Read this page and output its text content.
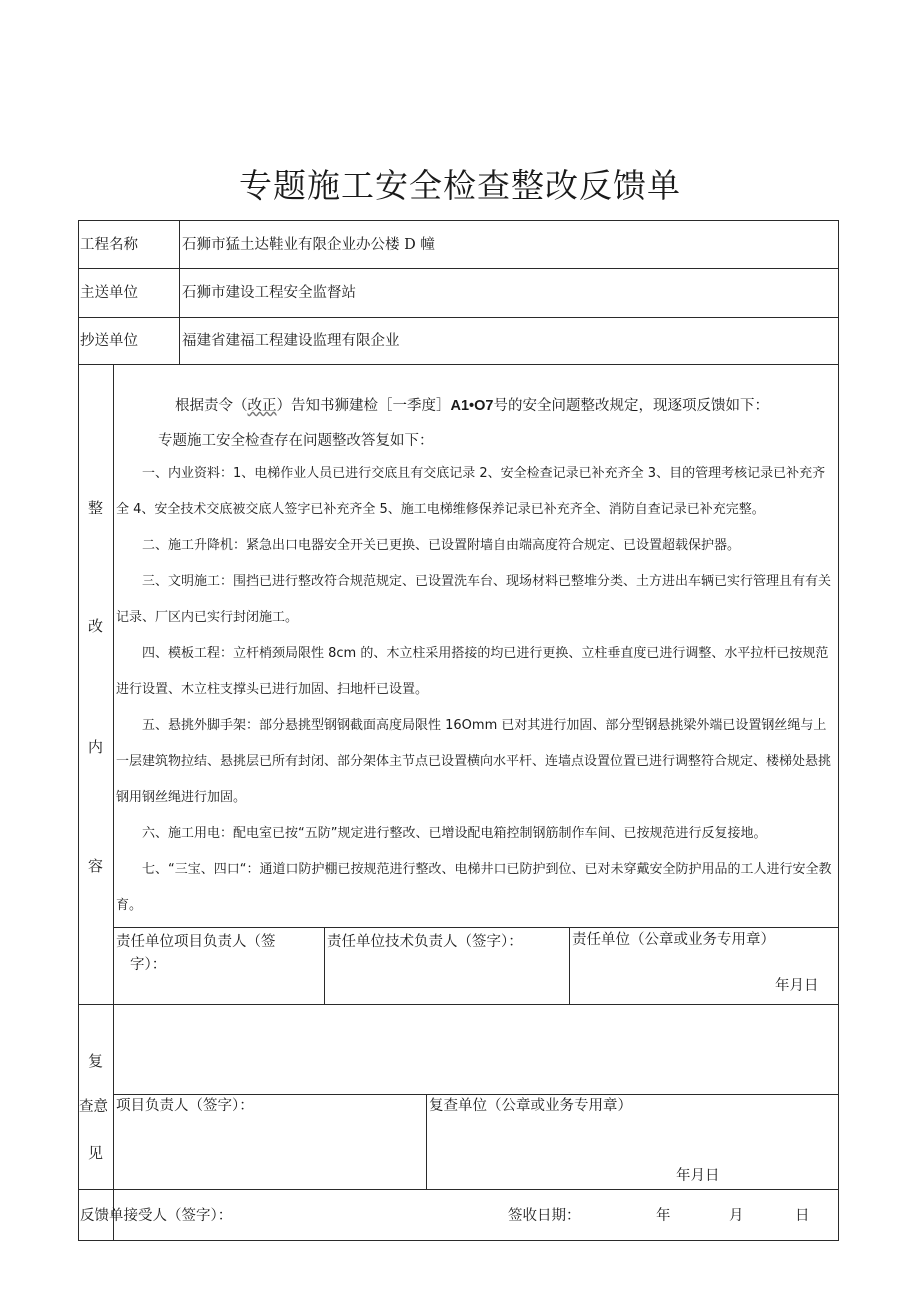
专题施工安全检查整改反馈单
工程名称	石狮市猛土达鞋业有限企业办公楼 D 幢
主送单位	石狮市建设工程安全监督站
抄送单位	福建省建福工程建设监理有限企业
整
改
内
容
根据责令（改正）告知书狮建检［一季度］A1•O7号的安全问题整改规定，现逐项反馈如下：
专题施工安全检查存在问题整改答复如下：

一、内业资料：1、电梯作业人员已进行交底且有交底记录 2、安全检查记录已补充齐全 3、目的管理考核记录已补充齐全 4、安全技术交底被交底人签字已补充齐全 5、施工电梯维修保养记录已补充齐全、消防自查记录已补充完整。

二、施工升降机：紧急出口电器安全开关已更换、已设置附墙自由端高度符合规定、已设置超载保护器。

三、文明施工：围挡已进行整改符合规范规定、已设置洗车台、现场材料已整堆分类、土方进出车辆已实行管理且有有关记录、厂区内已实行封闭施工。

四、模板工程：立杆梢颈局限性 8cm 的、木立柱采用搭接的均已进行更换、立柱垂直度已进行调整、水平拉杆已按规范进行设置、木立柱支撑头已进行加固、扫地杆已设置。

五、悬挑外脚手架：部分悬挑型钢钢截面高度局限性 16Omm 已对其进行加固、部分型钢悬挑梁外端已设置钢丝绳与上一层建筑物拉结、悬挑层已所有封闭、部分架体主节点已设置横向水平杆、连墙点设置位置已进行调整符合规定、楼梯处悬挑钢用钢丝绳进行加固。

六、施工用电：配电室已按“五防”规定进行整改、已增设配电箱控制钢筋制作车间、已按规范进行反复接地。

七、“三宝、四口“：通道口防护棚已按规范进行整改、电梯井口已防护到位、已对未穿戴安全防护用品的工人进行安全教育。

责任单位项目负责人（签
字）：
责任单位技术负责人（签字）：	责任单位（公章或业务专用章）
年月日
复
查意
见
项目负责人（签字）：	复查单位（公章或业务专用章）
年月日
反馈单接受人（签字）：	签收日期：	年	月	日
